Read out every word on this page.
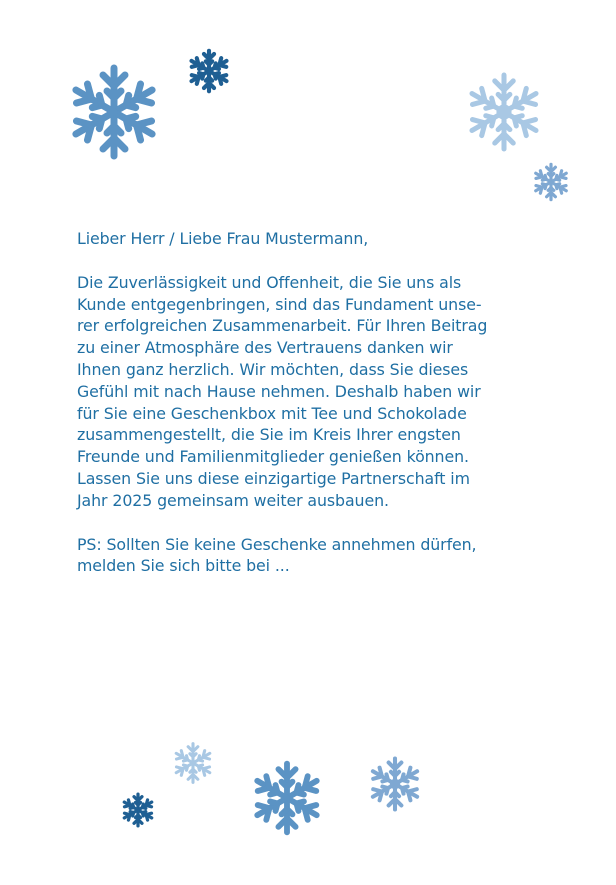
Lieber Herr / Liebe Frau Mustermann,

Die Zuverlässigkeit und Offenheit, die Sie uns als

Kunde entgegenbringen, sind das Fundament unse-

rer erfolgreichen Zusammenarbeit. Für Ihren Beitrag

zu einer Atmosphäre des Vertrauens danken wir

Ihnen ganz herzlich. Wir möchten, dass Sie dieses

Gefühl mit nach Hause nehmen. Deshalb haben wir

für Sie eine Geschenkbox mit Tee und Schokolade

zusammengestellt, die Sie im Kreis Ihrer engsten

Freunde und Familienmitglieder genießen können.

Lassen Sie uns diese einzigartige Partnerschaft im

Jahr 2025 gemeinsam weiter ausbauen.

PS: Sollten Sie keine Geschenke annehmen dürfen,

melden Sie sich bitte bei ...
